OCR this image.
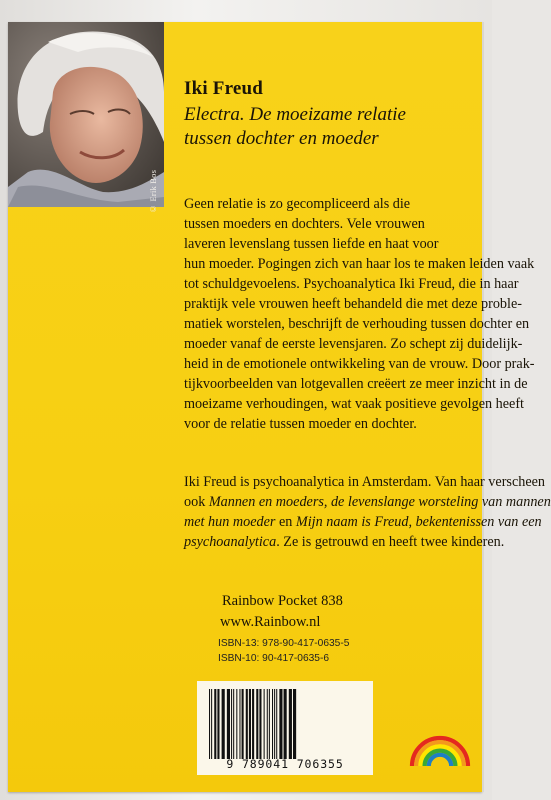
© Erik Bos
Iki Freud
Electra. De moeizame relatie
tussen dochter en moeder
Geen relatie is zo gecompliceerd als die
tussen moeders en dochters. Vele vrouwen
laveren levenslang tussen liefde en haat voor
hun moeder. Pogingen zich van haar los te maken leiden vaak
tot schuldgevoelens. Psychoanalytica Iki Freud, die in haar
praktijk vele vrouwen heeft behandeld die met deze proble-
matiek worstelen, beschrijft de verhouding tussen dochter en
moeder vanaf de eerste levensjaren. Zo schept zij duidelijk-
heid in de emotionele ontwikkeling van de vrouw. Door prak-
tijkvoorbeelden van lotgevallen creëert ze meer inzicht in de
moeizame verhoudingen, wat vaak positieve gevolgen heeft
voor de relatie tussen moeder en dochter.
Iki Freud is psychoanalytica in Amsterdam. Van haar verscheen
ook Mannen en moeders, de levenslange worsteling van mannen
met hun moeder en Mijn naam is Freud, bekentenissen van een
psychoanalytica. Ze is getrouwd en heeft twee kinderen.
Rainbow Pocket 838
www.Rainbow.nl
ISBN-13: 978-90-417-0635-5
ISBN-10: 90-417-0635-6
9 789041 706355
